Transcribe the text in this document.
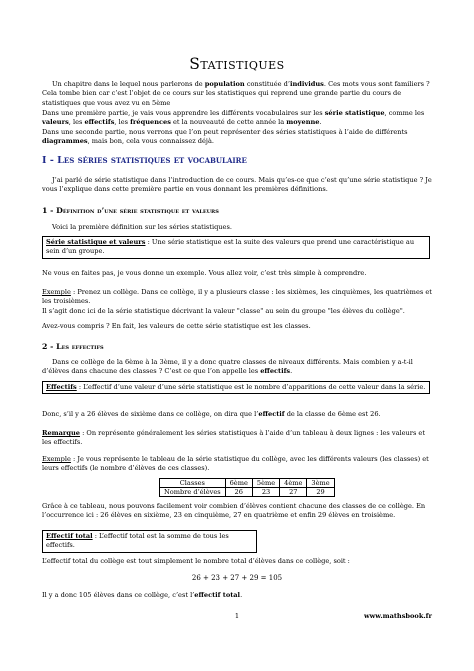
Statistiques
Un chapitre dans le lequel nous parlerons de population constituée d’individus. Ces mots vous sont familiers ? Cela tombe bien car c’est l’objet de ce cours sur les statistiques qui reprend une grande partie du cours de statistiques que vous avez vu en 5ème
Dans une première partie, je vais vous apprendre les différents vocabulaires sur les série statistique, comme les valeurs, les effectifs, les fréquences et la nouveauté de cette année la moyenne.
Dans une seconde partie, nous verrons que l’on peut représenter des séries statistiques à l’aide de différents diagrammes, mais bon, cela vous connaissez déjà.
I - Les séries statistiques et vocabulaire
J’ai parlé de série statistique dans l’introduction de ce cours. Mais qu’es-ce que c’est qu’une série statistique ? Je vous l’explique dans cette première partie en vous donnant les premières définitions.
1 - Définition d’une série statistique et valeurs
Voici la première définition sur les séries statistiques.
Série statistique et valeurs : Une série statistique est la suite des valeurs que prend une caractéristique au sein d’un groupe.
Ne vous en faites pas, je vous donne un exemple. Vous allez voir, c’est très simple à comprendre.
Exemple : Prenez un collège. Dans ce collège, il y a plusieurs classe : les sixièmes, les cinquièmes, les quatrièmes et les troisièmes.
Il s’agit donc ici de la série statistique décrivant la valeur "classe" au sein du groupe "les élèves du collège".
Avez-vous compris ? En fait, les valeurs de cette série statistique est les classes.
2 - Les effectifs
Dans ce collège de la 6ème à la 3ème, il y a donc quatre classes de niveaux différents. Mais combien y a-t-il d’élèves dans chacune des classes ? C’est ce que l’on appelle les effectifs.
Effectifs : L’effectif d’une valeur d’une série statistique est le nombre d’apparitions de cette valeur dans la série.
Donc, s’il y a 26 élèves de sixième dans ce collège, on dira que l’effectif de la classe de 6ème est 26.
Remarque : On représente généralement les séries statistiques à l’aide d’un tableau à deux lignes : les valeurs et les effectifs.
Exemple : Je vous représente le tableau de la série statistique du collège, avec les différents valeurs (les classes) et leurs effectifs (le nombre d’élèves de ces classes).
Classes	6ème	5ème	4ème	3ème
Nombre d’élèves	26	23	27	29
Grâce à ce tableau, nous pouvons facilement voir combien d’élèves contient chacune des classes de ce collège. En l’occurrence ici : 26 élèves en sixième, 23 en cinquième, 27 en quatrième et enfin 29 élèves en troisième.
Effectif total : L’effectif total est la somme de tous les effectifs.
L’effectif total du collège est tout simplement le nombre total d’élèves dans ce collège, soit :
26 + 23 + 27 + 29 = 105
Il y a donc 105 élèves dans ce collège, c’est l’effectif total.
1	www.mathsbook.fr
